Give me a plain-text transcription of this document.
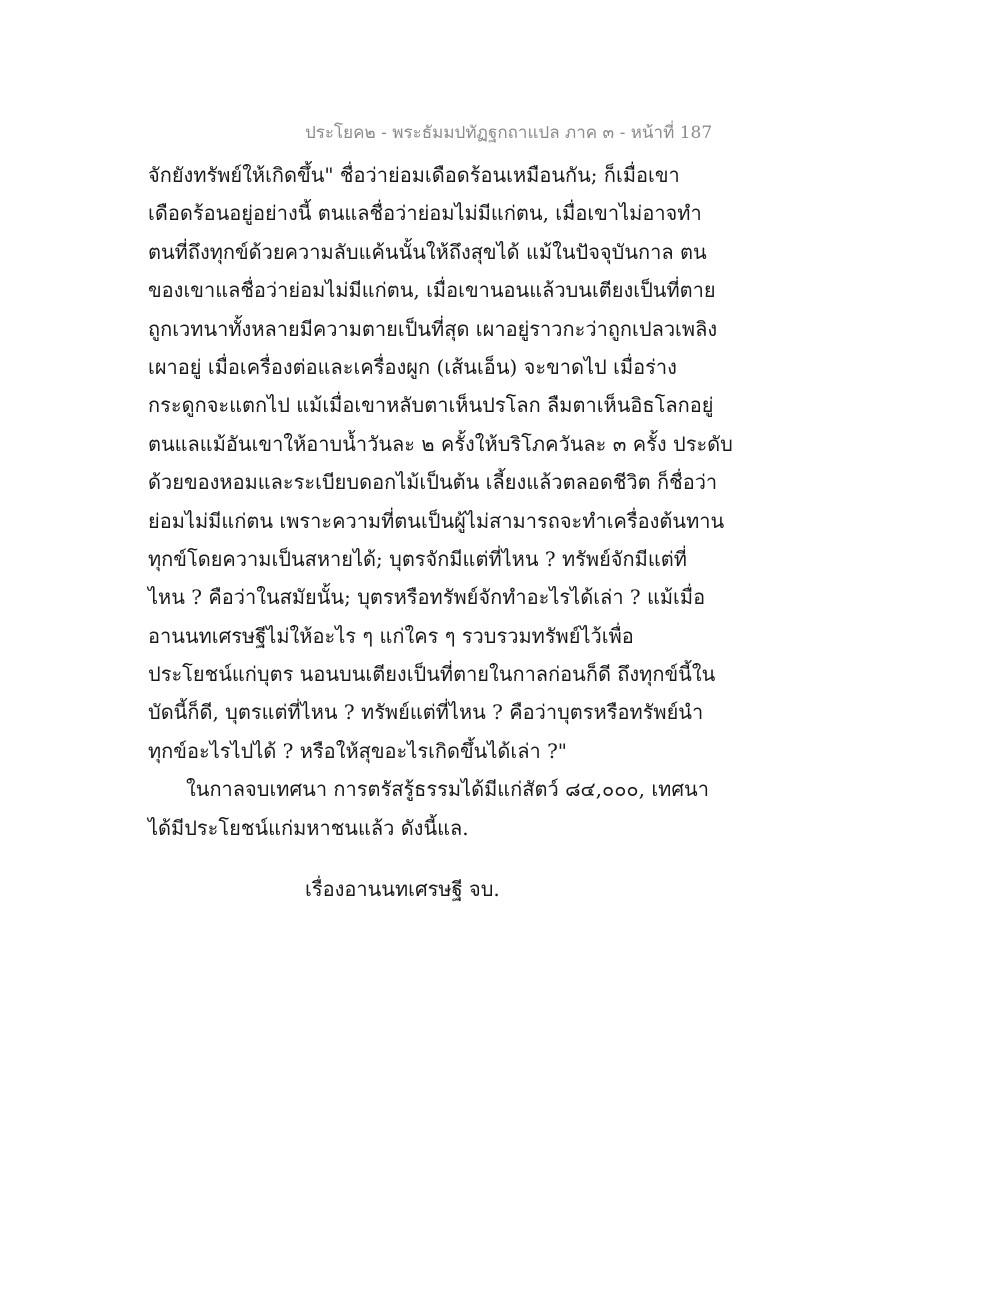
ประโยค๒ - พระธัมมปทัฏฐกถาแปล ภาค ๓ - หน้าที่ 187
จักยังทรัพย์ให้เกิดขึ้น" ชื่อว่าย่อมเดือดร้อนเหมือนกัน; ก็เมื่อเขา
เดือดร้อนอยู่อย่างนี้ ตนแลชื่อว่าย่อมไม่มีแก่ตน, เมื่อเขาไม่อาจทำ
ตนที่ถึงทุกข์ด้วยความลับแค้นนั้นให้ถึงสุขได้ แม้ในปัจจุบันกาล ตน
ของเขาแลชื่อว่าย่อมไม่มีแก่ตน, เมื่อเขานอนแล้วบนเตียงเป็นที่ตาย
ถูกเวทนาทั้งหลายมีความตายเป็นที่สุด เผาอยู่ราวกะว่าถูกเปลวเพลิง
เผาอยู่ เมื่อเครื่องต่อและเครื่องผูก (เส้นเอ็น) จะขาดไป เมื่อร่าง
กระดูกจะแตกไป แม้เมื่อเขาหลับตาเห็นปรโลก ลืมตาเห็นอิธโลกอยู่
ตนแลแม้อันเขาให้อาบน้ำวันละ ๒ ครั้งให้บริโภควันละ ๓ ครั้ง ประดับ
ด้วยของหอมและระเบียบดอกไม้เป็นต้น เลี้ยงแล้วตลอดชีวิต ก็ชื่อว่า
ย่อมไม่มีแก่ตน เพราะความที่ตนเป็นผู้ไม่สามารถจะทำเครื่องต้นทาน
ทุกข์โดยความเป็นสหายได้; บุตรจักมีแต่ที่ไหน ? ทรัพย์จักมีแต่ที่
ไหน ? คือว่าในสมัยนั้น; บุตรหรือทรัพย์จักทำอะไรได้เล่า ? แม้เมื่อ
อานนทเศรษฐีไม่ให้อะไร ๆ แก่ใคร ๆ รวบรวมทรัพย์ไว้เพื่อ
ประโยชน์แก่บุตร นอนบนเตียงเป็นที่ตายในกาลก่อนก็ดี ถึงทุกข์นี้ใน
บัดนี้ก็ดี, บุตรแต่ที่ไหน ? ทรัพย์แต่ที่ไหน ? คือว่าบุตรหรือทรัพย์นำ
ทุกข์อะไรไปได้ ? หรือให้สุขอะไรเกิดขึ้นได้เล่า ?"
ในกาลจบเทศนา การตรัสรู้ธรรมได้มีแก่สัตว์ ๘๔,๐๐๐, เทศนา
ได้มีประโยชน์แก่มหาชนแล้ว ดังนี้แล.
เรื่องอานนทเศรษฐี จบ.
